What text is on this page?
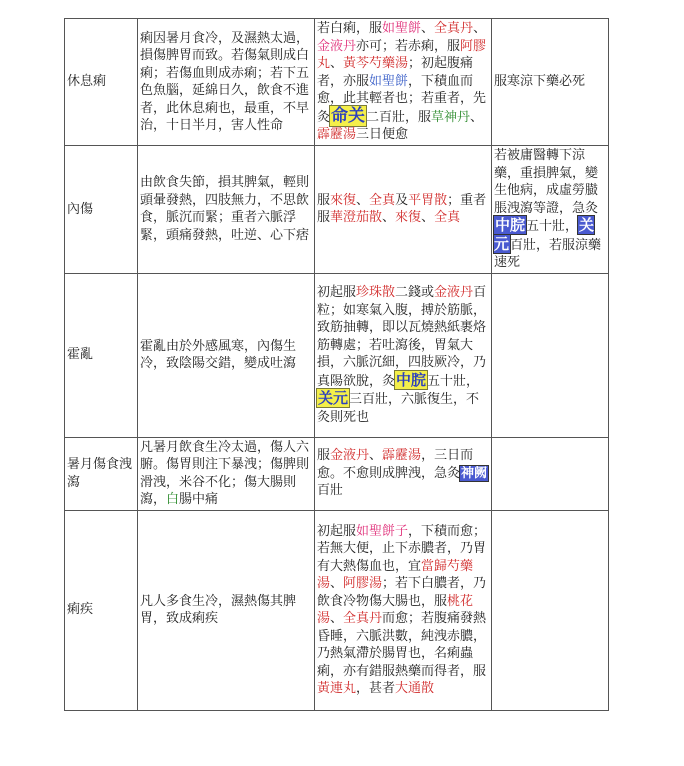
休息痢	痢因暑月食冷，及濕熱太過，損傷脾胃而致。若傷氣則成白痢；若傷血則成赤痢；若下五色魚腦，延綿日久，飲食不進者，此休息痢也，最重，不早治，十日半月，害人性命	若白痢，服如聖餅、全真丹、金液丹亦可；若赤痢，服阿膠丸、黃芩芍藥湯；初起腹痛者，亦服如聖餅，下積血而愈，此其輕者也；若重者，先灸命关二百壯，服草神丹、霹靂湯三日便愈	服寒涼下藥必死
內傷	由飲食失節，損其脾氣，輕則頭暈發熱，四肢無力，不思飲食，脈沉而緊；重者六脈浮緊，頭痛發熱，吐逆、心下痞	服來復、全真及平胃散；重者服華澄茄散、來復、全真	若被庸醫轉下涼藥，重損脾氣，變生他病，成虛勞臌脹洩瀉等證，急灸中脘五十壯，关元百壯，若服涼藥速死
霍亂	霍亂由於外感風寒，內傷生冷，致陰陽交錯，變成吐瀉	初起服珍珠散二錢或金液丹百粒；如寒氣入腹，搏於筋脈，致筋抽轉，即以瓦燒熱紙裹烙筋轉處；若吐瀉後，胃氣大損，六脈沉細，四肢厥冷，乃真陽欲脫，灸中脘五十壯，关元三百壯，六脈復生，不灸則死也	
暑月傷食洩瀉	凡暑月飲食生冷太過，傷人六腑。傷胃則注下暴洩；傷脾則滑洩，米谷不化；傷大腸則瀉，白腸中痛	服金液丹、霹靂湯，三日而愈。不愈則成脾洩，急灸神阙百壯	
痢疾	凡人多食生冷，濕熱傷其脾胃，致成痢疾	初起服如聖餅子，下積而愈；若無大便，止下赤膿者，乃胃有大熱傷血也，宜當歸芍藥湯、阿膠湯；若下白膿者，乃飲食冷物傷大腸也，服桃花湯、全真丹而愈；若腹痛發熱昏睡，六脈洪數，純洩赤膿，乃熱氣滯於腸胃也，名痢蟲痢，亦有錯服熱藥而得者，服黃連丸，甚者大通散	
